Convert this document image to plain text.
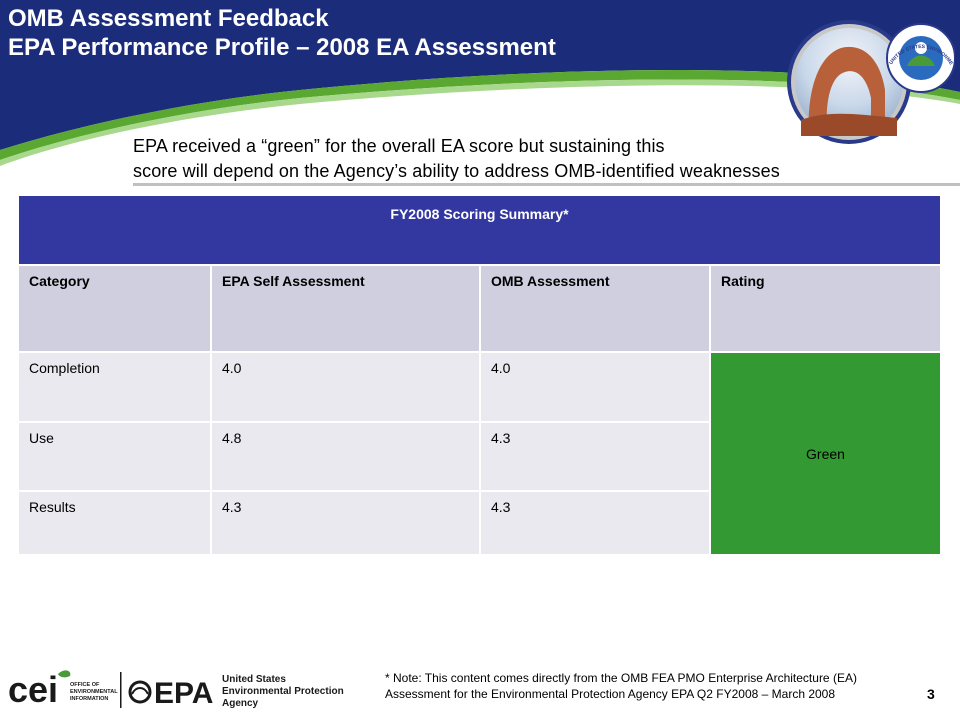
OMB Assessment Feedback
EPA Performance Profile – 2008 EA Assessment
UNITED STATES ENVIRONME
EPA received a “green” for the overall EA score but sustaining this
score will depend on the Agency’s ability to address OMB-identified weaknesses
FY2008 Scoring Summary*			
Category	EPA Self Assessment	OMB Assessment	Rating
Completion	4.0	4.0	Green
Use	4.8	4.3	
Results	4.3	4.3	
cei OFFICE OF ENVIRONMENTAL INFORMATION	EPA United States
Environmental Protection
Agency
* Note: This content comes directly from the OMB FEA PMO Enterprise Architecture (EA) Assessment for the Environmental Protection Agency EPA Q2 FY2008 – March 2008	3
